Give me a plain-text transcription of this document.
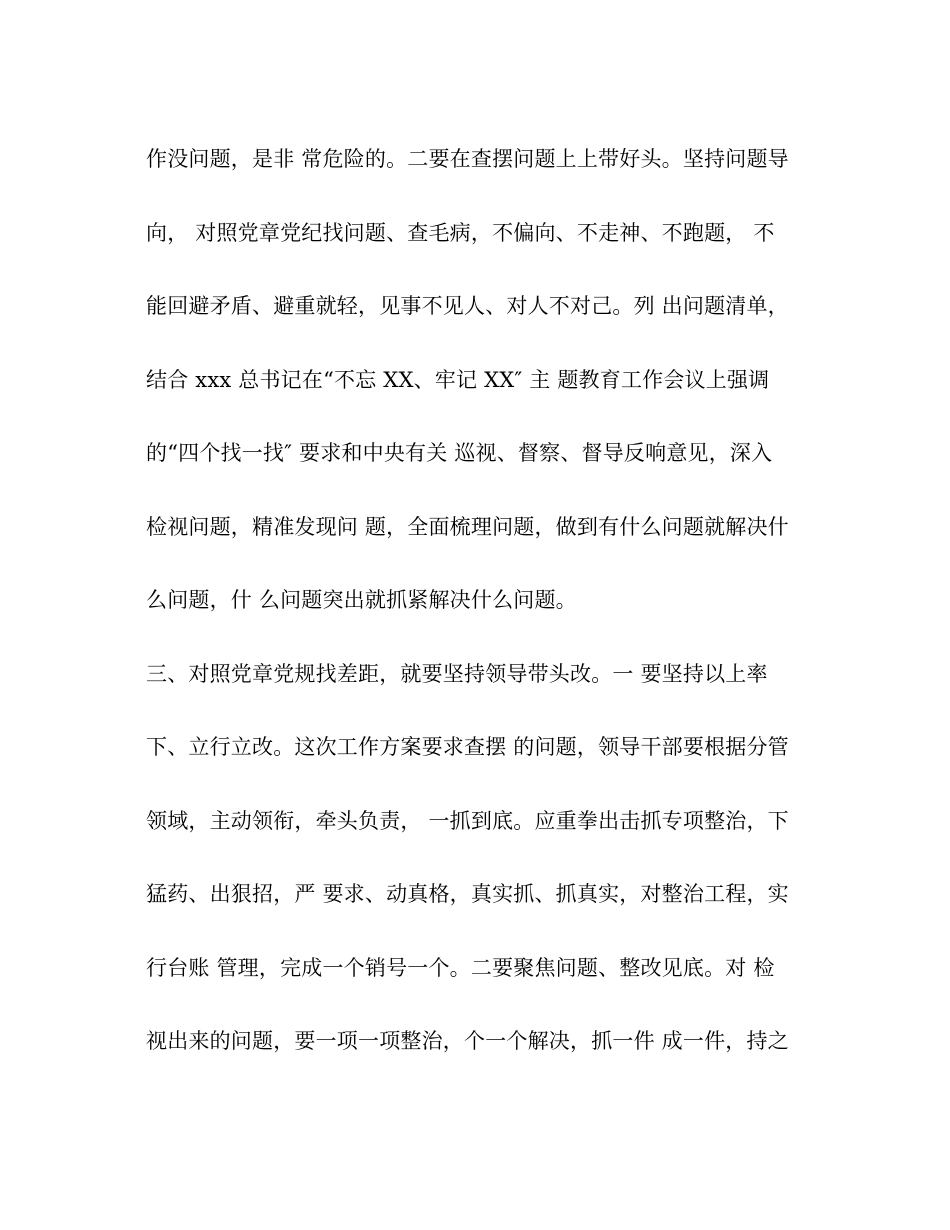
作没问题，是非 常危险的。二要在查摆问题上上带好头。坚持问题导
向， 对照党章党纪找问题、查毛病，不偏向、不走神、不跑题， 不
能回避矛盾、避重就轻，见事不见人、对人不对己。列 出问题清单，
结合 xxx 总书记在“不忘 XX、牢记 XX″ 主 题教育工作会议上强调
的“四个找一找″ 要求和中央有关 巡视、督察、督导反响意见，深入
检视问题，精准发现问 题，全面梳理问题，做到有什么问题就解决什
么问题，什 么问题突出就抓紧解决什么问题。
三、对照党章党规找差距，就要坚持领导带头改。一 要坚持以上率
下、立行立改。这次工作方案要求查摆 的问题，领导干部要根据分管
领域，主动领衔，牵头负责， 一抓到底。应重拳出击抓专项整治，下
猛药、出狠招，严 要求、动真格，真实抓、抓真实，对整治工程，实
行台账 管理，完成一个销号一个。二要聚焦问题、整改见底。对 检
视出来的问题，要一项一项整治，个一个解决，抓一件 成一件，持之
